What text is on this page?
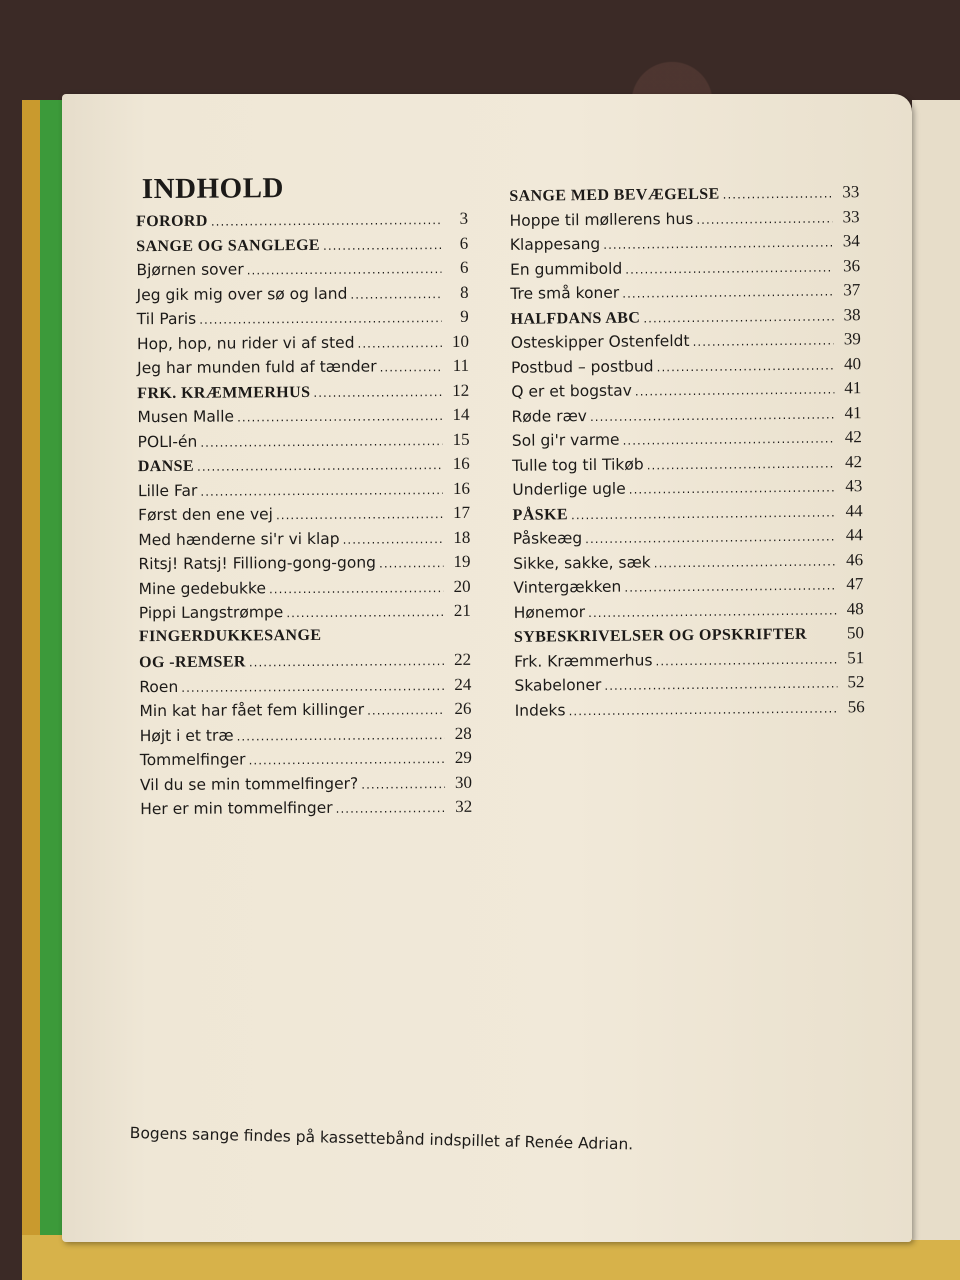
INDHOLD
FORORD .....	3
SANGE OG SANGLEGE .....	6
Bjørnen sover .....	6
Jeg gik mig over sø og land .....	8
Til Paris .....	9
Hop, hop, nu rider vi af sted .....	10
Jeg har munden fuld af tænder .....	11
FRK. KRÆMMERHUS .....	12
Musen Malle .....	14
POLI-én .....	15
DANSE .....	16
Lille Far .....	16
Først den ene vej .....	17
Med hænderne si'r vi klap .....	18
Ritsj! Ratsj! Filliong-gong-gong .....	19
Mine gedebukke .....	20
Pippi Langstrømpe .....	21
FINGERDUKKESANGE
OG -REMSER .....	22
Roen .....	24
Min kat har fået fem killinger .....	26
Højt i et træ .....	28
Tommelfinger .....	29
Vil du se min tommelfinger? .....	30
Her er min tommelfinger .....	32
SANGE MED BEVÆGELSE .....	33
Hoppe til møllerens hus .....	33
Klappesang .....	34
En gummibold .....	36
Tre små koner .....	37
HALFDANS ABC .....	38
Osteskipper Ostenfeldt .....	39
Postbud – postbud .....	40
Q er et bogstav .....	41
Røde ræv .....	41
Sol gi'r varme .....	42
Tulle tog til Tikøb .....	42
Underlige ugle .....	43
PÅSKE .....	44
Påskeæg .....	44
Sikke, sakke, sæk .....	46
Vintergækken .....	47
Hønemor .....	48
SYBESKRIVELSER OG OPSKRIFTER	50
Frk. Kræmmerhus .....	51
Skabeloner .....	52
Indeks .....	56
Bogens sange findes på kassettebånd indspillet af Renée Adrian.
